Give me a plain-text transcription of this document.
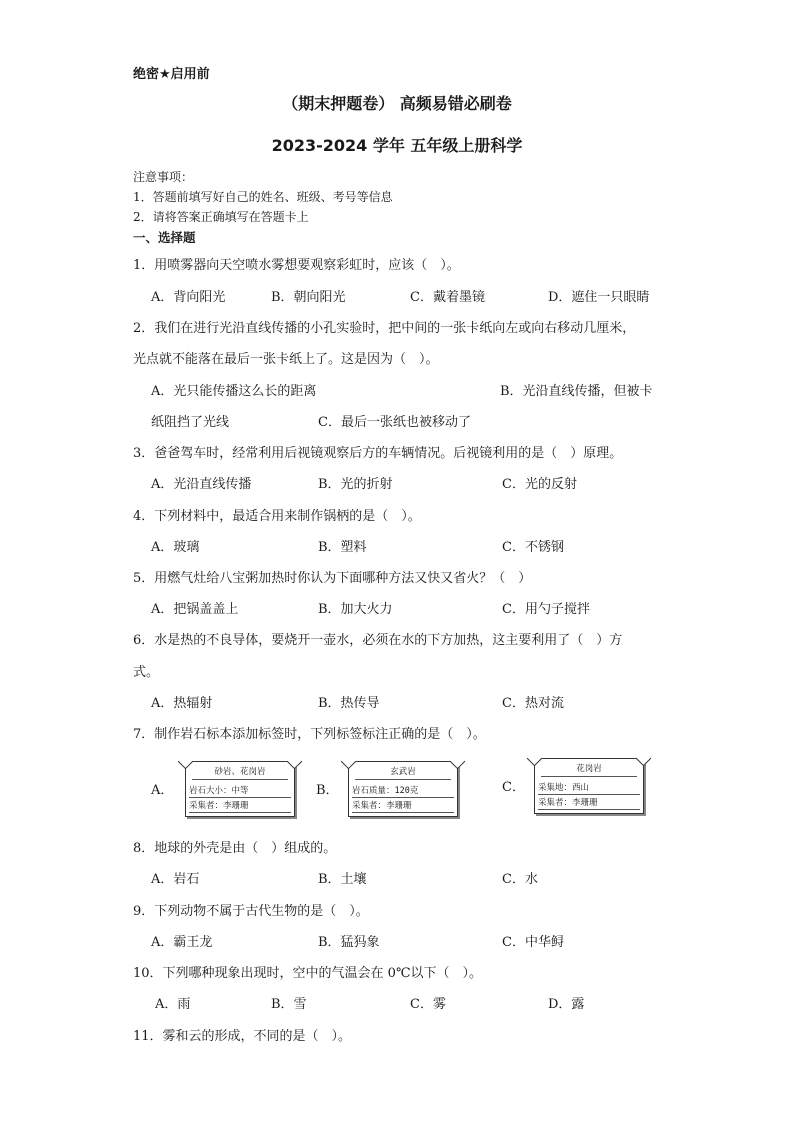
绝密★启用前
（期末押题卷） 高频易错必刷卷
2023-2024 学年 五年级上册科学
注意事项：
1．答题前填写好自己的姓名、班级、考号等信息
2．请将答案正确填写在答题卡上
一、选择题
1．用喷雾器向天空喷水雾想要观察彩虹时，应该（　）。
A．背向阳光	B．朝向阳光	C．戴着墨镜	D．遮住一只眼睛
2．我们在进行光沿直线传播的小孔实验时，把中间的一张卡纸向左或向右移动几厘米，
光点就不能落在最后一张卡纸上了。这是因为（　）。
A．光只能传播这么长的距离	B．光沿直线传播，但被卡
纸阻挡了光线	C．最后一张纸也被移动了
3．爸爸驾车时，经常利用后视镜观察后方的车辆情况。后视镜利用的是（　）原理。
A．光沿直线传播	B．光的折射	C．光的反射
4．下列材料中，最适合用来制作锅柄的是（　）。
A．玻璃	B．塑料	C．不锈钢
5．用燃气灶给八宝粥加热时你认为下面哪种方法又快又省火？（　）
A．把锅盖盖上	B．加大火力	C．用勺子搅拌
6．水是热的不良导体，要烧开一壶水，必须在水的下方加热，这主要利用了（　）方
式。
A．热辐射	B．热传导	C．热对流
7．制作岩石标本添加标签时，下列标签标注正确的是（　）。
A．
砂岩、花岗岩
岩石大小：中等
采集者：李珊珊
B．
玄武岩
岩石质量：120克
采集者：李珊珊
C．
花岗岩
采集地：西山
采集者：李珊珊
8．地球的外壳是由（　）组成的。
A．岩石	B．土壤	C．水
9．下列动物不属于古代生物的是（　）。
A．霸王龙	B．猛犸象	C．中华鲟
10．下列哪种现象出现时，空中的气温会在 0℃以下（　）。
A．雨	B．雪	C．雾	D．露
11．雾和云的形成，不同的是（　）。
